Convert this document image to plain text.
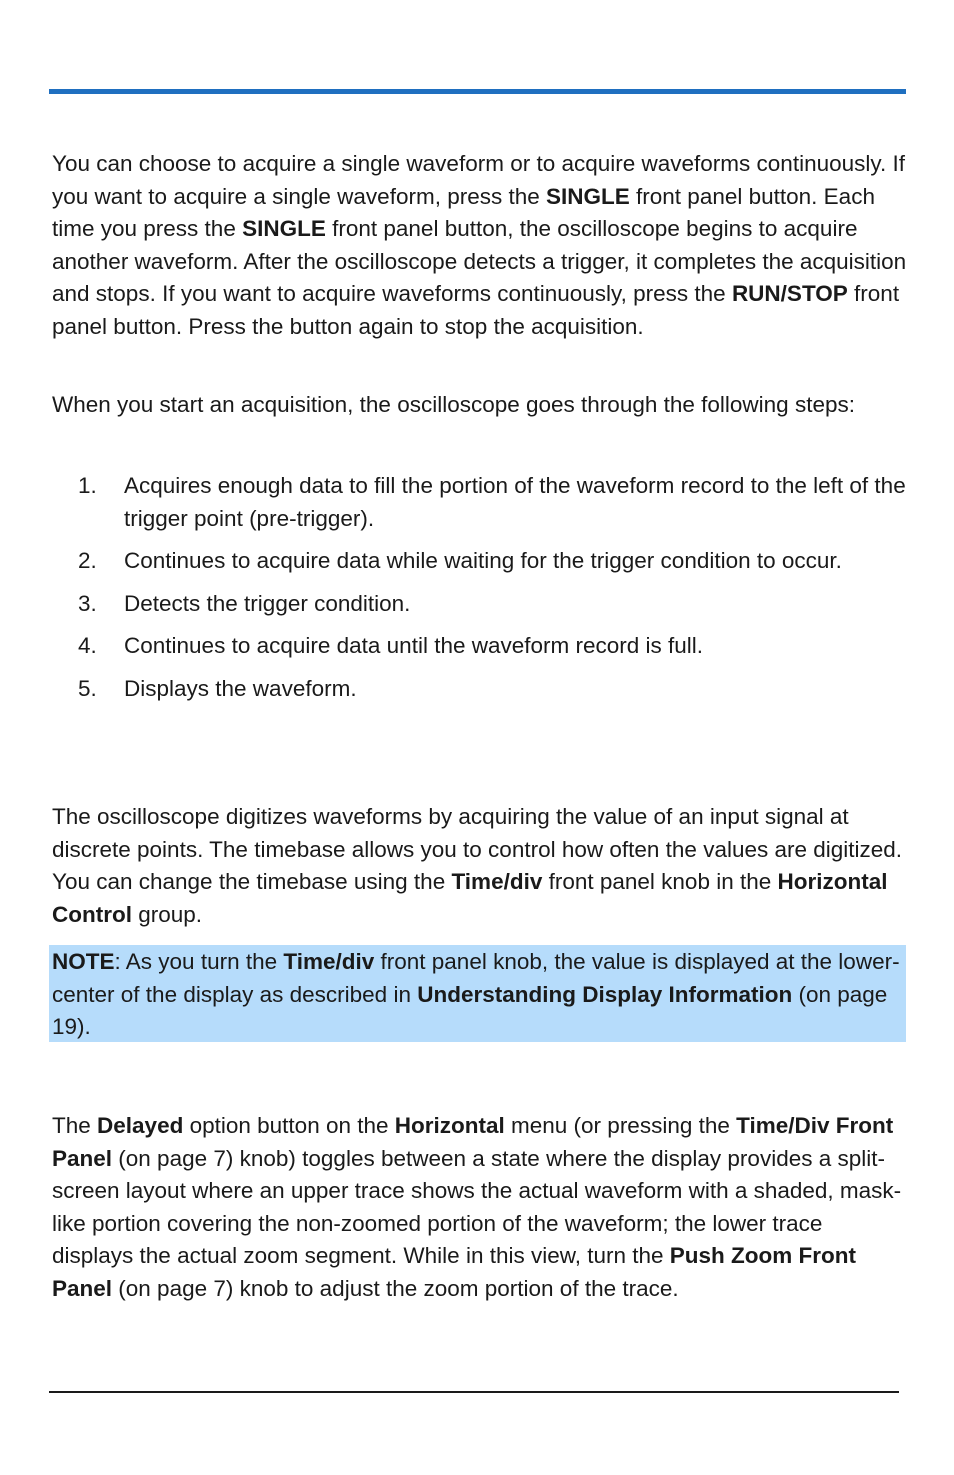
You can choose to acquire a single waveform or to acquire waveforms continuously. If you want to acquire a single waveform, press the SINGLE front panel button. Each time you press the SINGLE front panel button, the oscilloscope begins to acquire another waveform. After the oscilloscope detects a trigger, it completes the acquisition and stops. If you want to acquire waveforms continuously, press the RUN/STOP front panel button. Press the button again to stop the acquisition.

When you start an acquisition, the oscilloscope goes through the following steps:

1.	Acquires enough data to fill the portion of the waveform record to the left of the trigger point (pre-trigger).
2.	Continues to acquire data while waiting for the trigger condition to occur.
3.	Detects the trigger condition.
4.	Continues to acquire data until the waveform record is full.
5.	Displays the waveform.

The oscilloscope digitizes waveforms by acquiring the value of an input signal at discrete points. The timebase allows you to control how often the values are digitized. You can change the timebase using the Time/div front panel knob in the Horizontal Control group.

NOTE: As you turn the Time/div front panel knob, the value is displayed at the lower-center of the display as described in Understanding Display Information (on page 19).

The Delayed option button on the Horizontal menu (or pressing the Time/Div Front Panel (on page 7) knob) toggles between a state where the display provides a split-screen layout where an upper trace shows the actual waveform with a shaded, mask-like portion covering the non-zoomed portion of the waveform; the lower trace displays the actual zoom segment. While in this view, turn the Push Zoom Front Panel (on page 7) knob to adjust the zoom portion of the trace.
